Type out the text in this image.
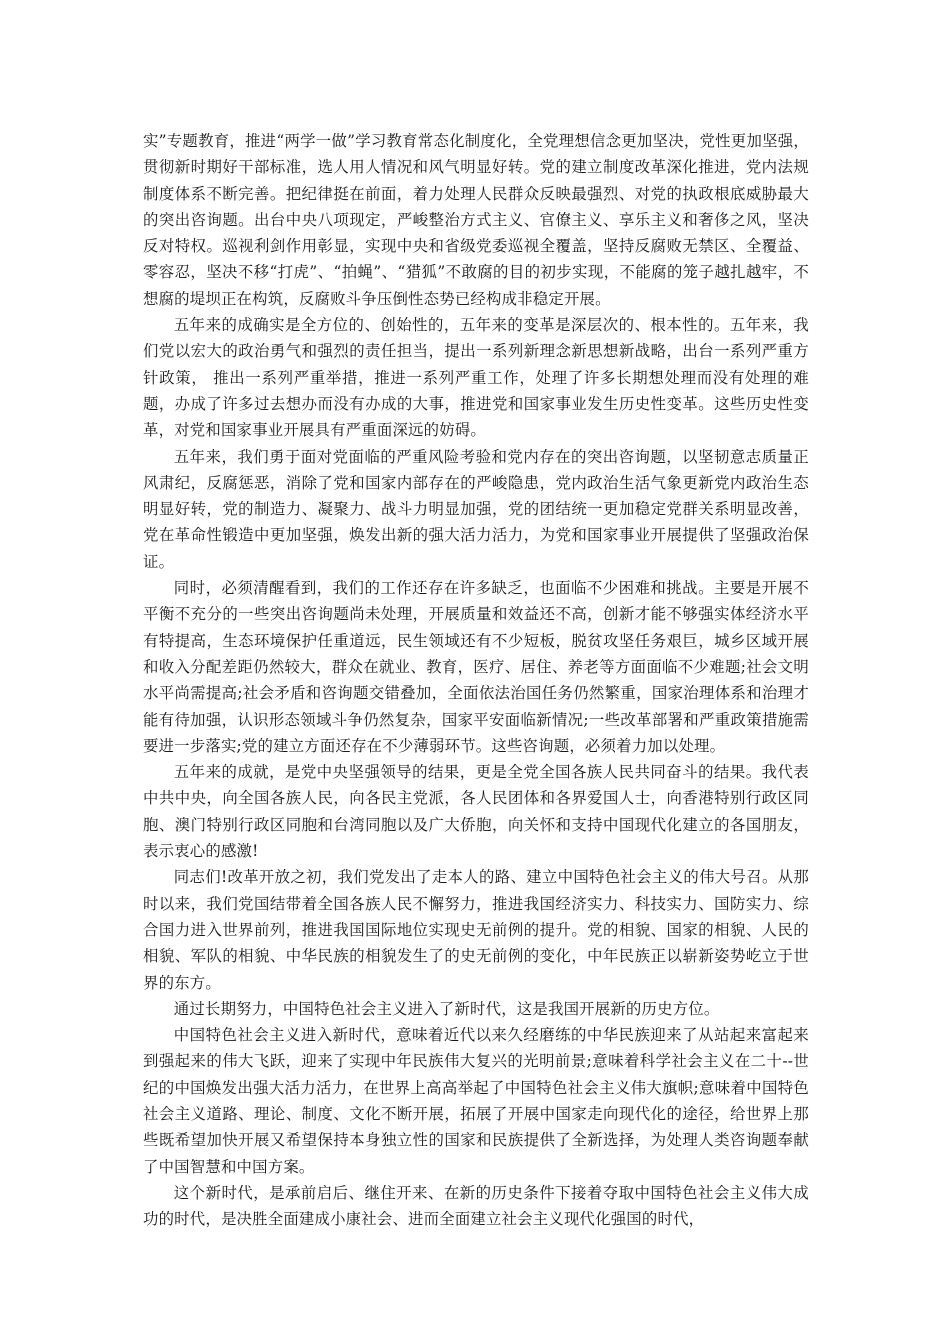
实”专题教育，推进“两学一做”学习教育常态化制度化，全党理想信念更加坚决，党性更加坚强，贯彻新时期好干部标准，选人用人情况和风气明显好转。党的建立制度改革深化推进，党内法规制度体系不断完善。把纪律挺在前面，着力处理人民群众反映最强烈、对党的执政根底威胁最大的突出咨询题。出台中央八项现定，严峻整治方式主义、官僚主义、享乐主义和奢侈之风，坚决反对特权。巡视利剑作用彰显，实现中央和省级党委巡视全覆盖，坚持反腐败无禁区、全覆益、零容忍，坚决不移“打虎”、“拍蝇”、“猎狐”不敢腐的目的初步实现，不能腐的笼子越扎越牢，不想腐的堤坝正在构筑，反腐败斗争压倒性态势已经构成非稳定开展。

五年来的成确实是全方位的、创始性的，五年来的变革是深层次的、根本性的。五年来，我们党以宏大的政治勇气和强烈的责任担当，提出一系列新理念新思想新战略，出台一系列严重方针政策， 推出一系列严重举措，推进一系列严重工作，处理了许多长期想处理而没有处理的难题，办成了许多过去想办而没有办成的大事，推进党和国家事业发生历史性变革。这些历史性变革，对党和国家事业开展具有严重面深远的妨碍。

五年来，我们勇于面对党面临的严重风险考验和党内存在的突出咨询题，以坚韧意志质量正风肃纪，反腐惩恶，消除了党和国家内部存在的严峻隐患，党内政治生活气象更新党内政治生态明显好转，党的制造力、凝聚力、战斗力明显加强，党的团结统一更加稳定党群关系明显改善，党在革命性锻造中更加坚强，焕发出新的强大活力活力，为党和国家事业开展提供了坚强政治保证。

同时，必须清醒看到，我们的工作还存在许多缺乏，也面临不少困难和挑战。主要是开展不平衡不充分的一些突出咨询题尚未处理，开展质量和效益还不高，创新才能不够强实体经济水平有特提高，生态环境保护任重道远，民生领域还有不少短板，脱贫攻坚任务艰巨，城乡区域开展和收入分配差距仍然较大，群众在就业、教育，医疗、居住、养老等方面面临不少难题;社会文明水平尚需提高;社会矛盾和咨询题交错叠加，全面依法治国任务仍然繁重，国家治理体系和治理才能有待加强，认识形态领域斗争仍然复杂，国家平安面临新情况;一些改革部署和严重政策措施需要进一步落实;党的建立方面还存在不少薄弱环节。这些咨询题，必须着力加以处理。

五年来的成就，是党中央坚强领导的结果，更是全党全国各族人民共同奋斗的结果。我代表中共中央，向全国各族人民，向各民主党派，各人民团体和各界爱国人士，向香港特别行政区同胞、澳门特别行政区同胞和台湾同胞以及广大侨胞，向关怀和支持中国现代化建立的各国朋友，表示衷心的感激!

同志们!改革开放之初，我们党发出了走本人的路、建立中国特色社会主义的伟大号召。从那时以来，我们党国结带着全国各族人民不懈努力，推进我国经济实力、科技实力、国防实力、综合国力进入世界前列，推进我国国际地位实现史无前例的提升。党的相貌、国家的相貌、人民的相貌、军队的相貌、中华民族的相貌发生了的史无前例的变化，中年民族正以崭新姿势屹立于世界的东方。

通过长期努力，中国特色社会主义进入了新时代，这是我国开展新的历史方位。

中国特色社会主义进入新时代，意味着近代以来久经磨练的中华民族迎来了从站起来富起来到强起来的伟大飞跃，迎来了实现中年民族伟大复兴的光明前景;意味着科学社会主义在二十--世纪的中国焕发出强大活力活力，在世界上高高举起了中国特色社会主义伟大旗帜;意味着中国特色社会主义道路、理论、制度、文化不断开展，拓展了开展中国家走向现代化的途径，给世界上那些既希望加快开展又希望保持本身独立性的国家和民族提供了全新选择，为处理人类咨询题奉献了中国智慧和中国方案。

这个新时代，是承前启后、继住开来、在新的历史条件下接着夺取中国特色社会主义伟大成功的时代，是决胜全面建成小康社会、进而全面建立社会主义现代化强国的时代，
